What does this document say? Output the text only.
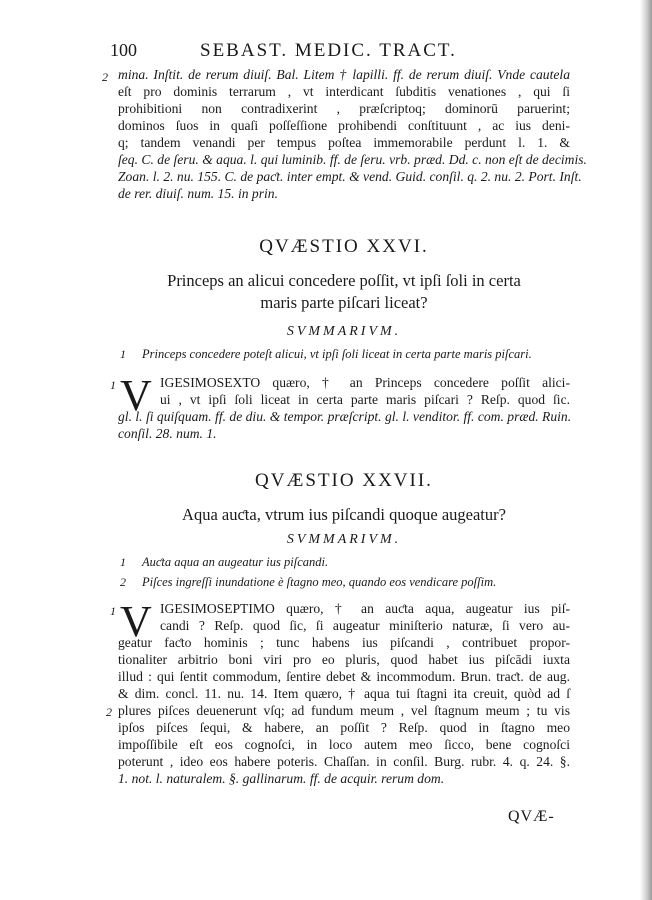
100	SEBAST. MEDIC. TRACT.
2 mina. Inſtit. de rerum diuiſ. Bal. Litem † lapilli. ff. de rerum diuiſ. Vnde cautela
eſt pro dominis terrarum , vt interdicant ſubditis venationes , qui ſi
prohibitioni non contradixerint , præſcriptoq; dominorū paruerint;
dominos ſuos in quaſi poſſeſſione prohibendi conſtituunt , ac ius deni-
q; tandem venandi per tempus poſtea immemorabile perdunt l. 1. &
ſeq. C. de ſeru. & aqua. l. qui luminib. ff. de ſeru. vrb. præd. Dd. c. non eſt de decimis.
Zoan. l. 2. nu. 155. C. de paƈt. inter empt. & vend. Guid. conſil. q. 2. nu. 2. Port. Inſt.
de rer. diuiſ. num. 15. in prin.
QVÆSTIO XXVI.
Princeps an alicui concedere poſſit, vt ipſi ſoli in certa
maris parte piſcari liceat?
SVMMARIVM.
1 Princeps concedere poteſt alicui, vt ipſi ſoli liceat in certa parte maris piſcari.
1 V IGESIMOSEXTO quæro, † an Princeps concedere poſſit alici-
ui , vt ipſi ſoli liceat in certa parte maris piſcari ? Reſp. quod ſic.
gl. l. ſi quiſquam. ff. de diu. & tempor. præſcript. gl. l. venditor. ff. com. præd. Ruin.
conſil. 28. num. 1.
QVÆSTIO XXVII.
Aqua auƈta, vtrum ius piſcandi quoque augeatur?
SVMMARIVM.
1 Auƈta aqua an augeatur ius piſcandi.
2 Piſces ingreſſi inundatione è ſtagno meo, quando eos vendicare poſſim.
1 V IGESIMOSEPTIMO quæro, † an auƈta aqua, augeatur ius piſ-
candi ? Reſp. quod ſic, ſi augeatur miniſterio naturæ, ſi vero au-
2
geatur faƈto hominis ; tunc habens ius piſcandi , contribuet propor-
tionaliter arbitrio boni viri pro eo pluris, quod habet ius piſcādi iuxta
illud : qui ſentit commodum, ſentire debet & incommodum. Brun. traƈt. de aug.
& dim. concl. 11. nu. 14. Item quæro, † aqua tui ſtagni ita creuit, quòd ad ſ
plures piſces deuenerunt vſq; ad fundum meum , vel ſtagnum meum ; tu vis
ipſos piſces ſequi, & habere, an poſſit ? Reſp. quod in ſtagno meo
impoſſibile eſt eos cognoſci, in loco autem meo ſicco, bene cognoſci
poterunt , ideo eos habere poteris. Chaſſan. in conſil. Burg. rubr. 4. q. 24. §.
1. not. l. naturalem. §. gallinarum. ff. de acquir. rerum dom.
QVÆ-
